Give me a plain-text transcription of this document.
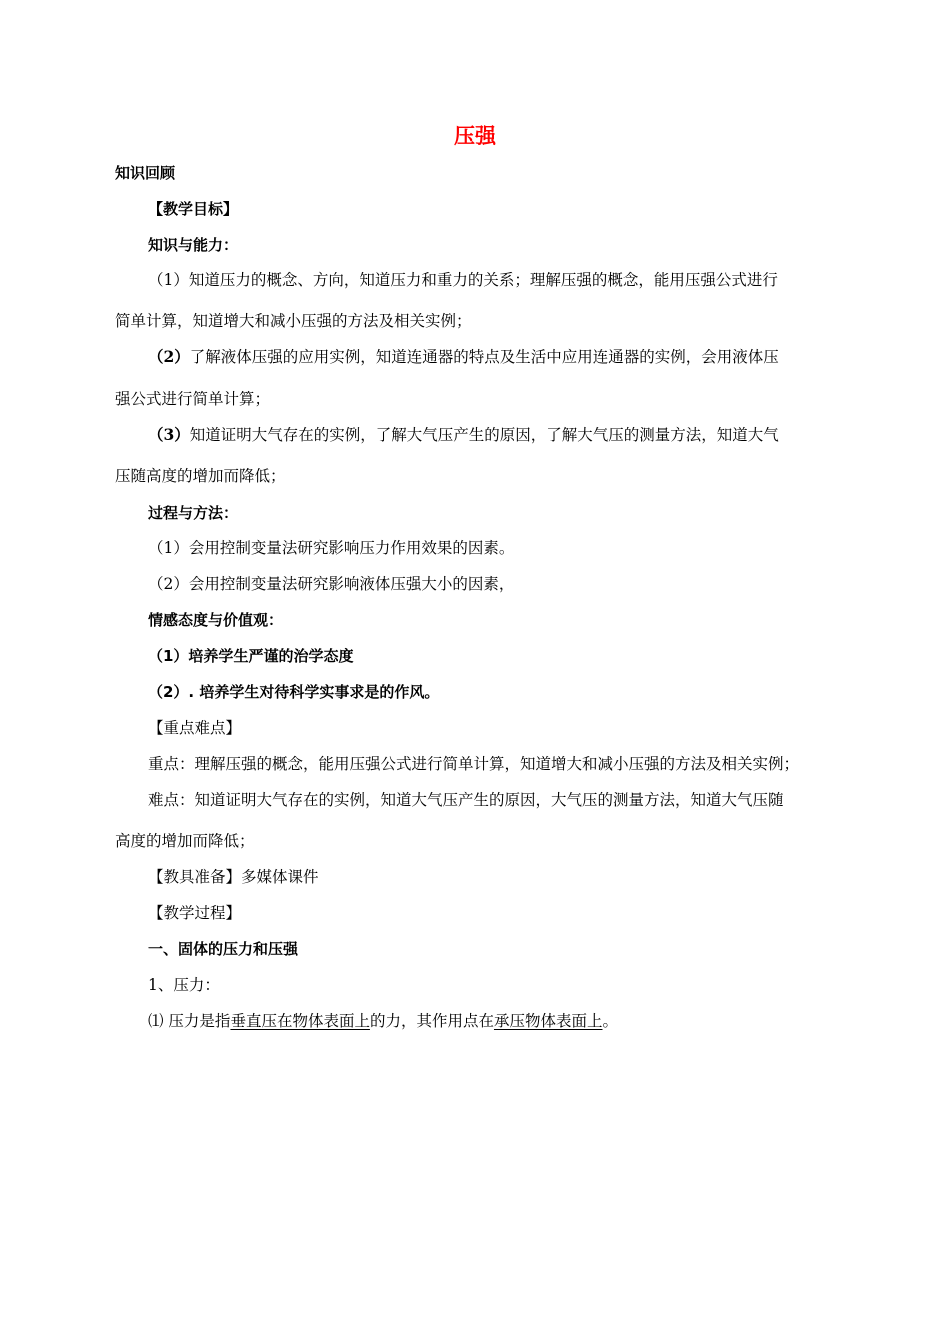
压强
知识回顾
【教学目标】
知识与能力：
（1）知道压力的概念、方向，知道压力和重力的关系；理解压强的概念，能用压强公式进行
简单计算，知道增大和减小压强的方法及相关实例；
（2）了解液体压强的应用实例，知道连通器的特点及生活中应用连通器的实例，会用液体压
强公式进行简单计算；
（3）知道证明大气存在的实例，了解大气压产生的原因，了解大气压的测量方法，知道大气
压随高度的增加而降低；
过程与方法：
（1）会用控制变量法研究影响压力作用效果的因素。
（2）会用控制变量法研究影响液体压强大小的因素，
情感态度与价值观：
（1）培养学生严谨的治学态度
（2）. 培养学生对待科学实事求是的作风。
【重点难点】
重点：理解压强的概念，能用压强公式进行简单计算，知道增大和减小压强的方法及相关实例；
难点：知道证明大气存在的实例，知道大气压产生的原因，大气压的测量方法，知道大气压随
高度的增加而降低；
【教具准备】多媒体课件
【教学过程】
一、固体的压力和压强
1、压力：
⑴ 压力是指垂直压在物体表面上的力，其作用点在承压物体表面上。
